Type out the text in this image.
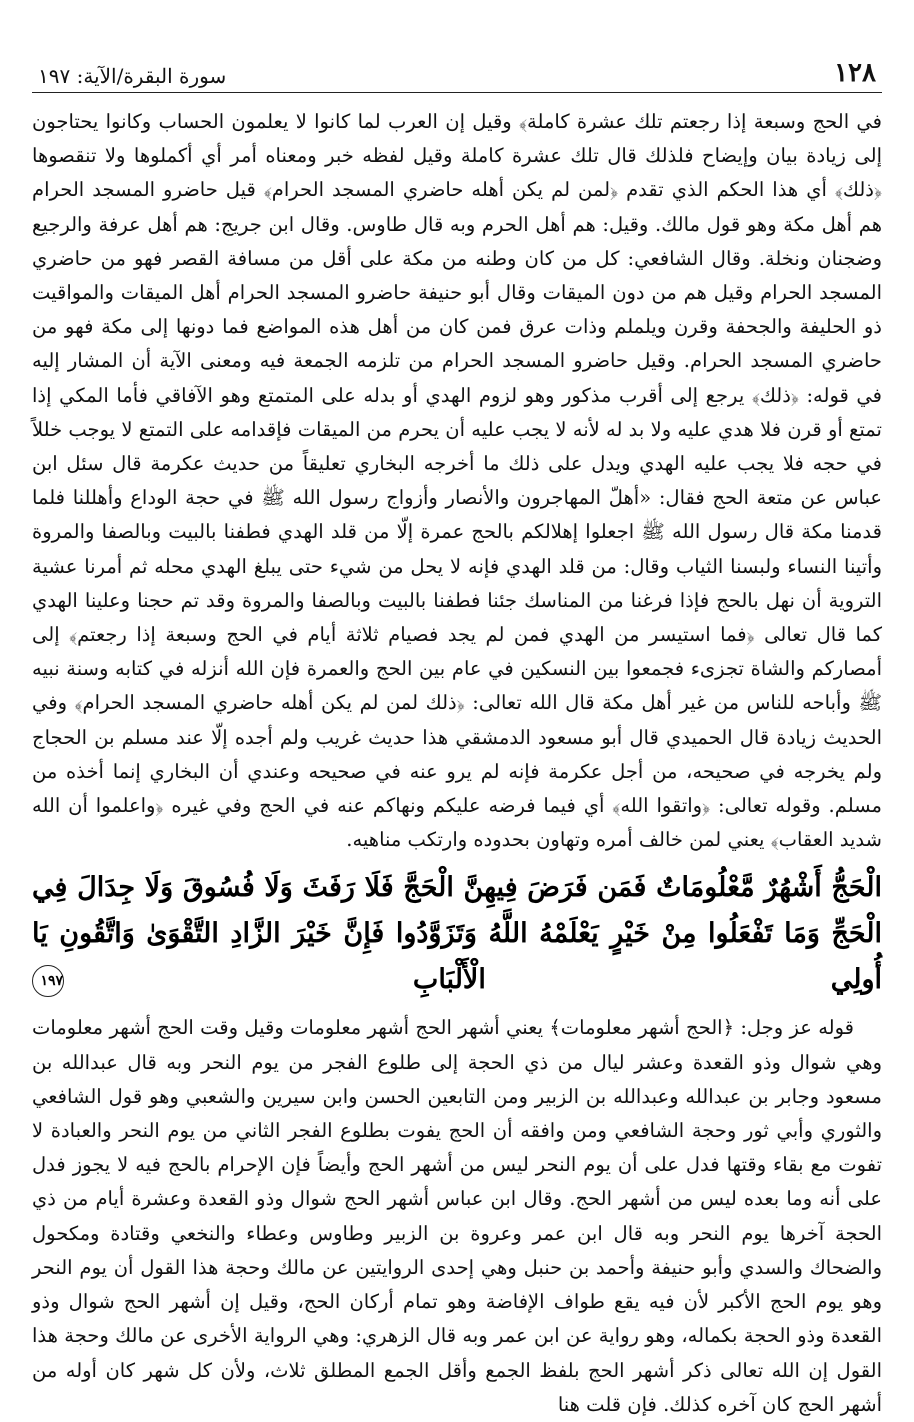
١٢٨
سورة البقرة/الآية: ١٩٧

في الحج وسبعة إذا رجعتم تلك عشرة كاملة﴾ وقيل إن العرب لما كانوا لا يعلمون الحساب وكانوا يحتاجون إلى زيادة بيان وإيضاح فلذلك قال تلك عشرة كاملة وقيل لفظه خبر ومعناه أمر أي أكملوها ولا تنقصوها ﴿ذلك﴾ أي هذا الحكم الذي تقدم ﴿لمن لم يكن أهله حاضري المسجد الحرام﴾ قيل حاضرو المسجد الحرام هم أهل مكة وهو قول مالك. وقيل: هم أهل الحرم وبه قال طاوس. وقال ابن جريج: هم أهل عرفة والرجيع وضجنان ونخلة. وقال الشافعي: كل من كان وطنه من مكة على أقل من مسافة القصر فهو من حاضري المسجد الحرام وقيل هم من دون الميقات وقال أبو حنيفة حاضرو المسجد الحرام أهل الميقات والمواقيت ذو الحليفة والجحفة وقرن ويلملم وذات عرق فمن كان من أهل هذه المواضع فما دونها إلى مكة فهو من حاضري المسجد الحرام. وقيل حاضرو المسجد الحرام من تلزمه الجمعة فيه ومعنى الآية أن المشار إليه في قوله: ﴿ذلك﴾ يرجع إلى أقرب مذكور وهو لزوم الهدي أو بدله على المتمتع وهو الآفاقي فأما المكي إذا تمتع أو قرن فلا هدي عليه ولا بد له لأنه لا يجب عليه أن يحرم من الميقات فإقدامه على التمتع لا يوجب خللاً في حجه فلا يجب عليه الهدي ويدل على ذلك ما أخرجه البخاري تعليقاً من حديث عكرمة قال سئل ابن عباس عن متعة الحج فقال: «أهلّ المهاجرون والأنصار وأزواج رسول الله ﷺ في حجة الوداع وأهللنا فلما قدمنا مكة قال رسول الله ﷺ اجعلوا إهلالكم بالحج عمرة إلّا من قلد الهدي فطفنا بالبيت وبالصفا والمروة وأتينا النساء ولبسنا الثياب وقال: من قلد الهدي فإنه لا يحل من شيء حتى يبلغ الهدي محله ثم أمرنا عشية التروية أن نهل بالحج فإذا فرغنا من المناسك جئنا فطفنا بالبيت وبالصفا والمروة وقد تم حجنا وعلينا الهدي كما قال تعالى ﴿فما استيسر من الهدي فمن لم يجد فصيام ثلاثة أيام في الحج وسبعة إذا رجعتم﴾ إلى أمصاركم والشاة تجزىء فجمعوا بين النسكين في عام بين الحج والعمرة فإن الله أنزله في كتابه وسنة نبيه ﷺ وأباحه للناس من غير أهل مكة قال الله تعالى: ﴿ذلك لمن لم يكن أهله حاضري المسجد الحرام﴾ وفي الحديث زيادة قال الحميدي قال أبو مسعود الدمشقي هذا حديث غريب ولم أجده إلّا عند مسلم بن الحجاج ولم يخرجه في صحيحه، من أجل عكرمة فإنه لم يرو عنه في صحيحه وعندي أن البخاري إنما أخذه من مسلم. وقوله تعالى: ﴿واتقوا الله﴾ أي فيما فرضه عليكم ونهاكم عنه في الحج وفي غيره ﴿واعلموا أن الله شديد العقاب﴾ يعني لمن خالف أمره وتهاون بحدوده وارتكب مناهيه.

الْحَجُّ أَشْهُرٌ مَّعْلُومَاتٌ فَمَن فَرَضَ فِيهِنَّ الْحَجَّ فَلَا رَفَثَ وَلَا فُسُوقَ وَلَا جِدَالَ فِي الْحَجِّ وَمَا تَفْعَلُوا مِنْ خَيْرٍ يَعْلَمْهُ اللَّهُ وَتَزَوَّدُوا فَإِنَّ خَيْرَ الزَّادِ التَّقْوَىٰ وَاتَّقُونِ يَا أُولِي الْأَلْبَابِ ١٩٧

قوله عز وجل: ﴿الحج أشهر معلومات﴾ يعني أشهر الحج أشهر معلومات وقيل وقت الحج أشهر معلومات وهي شوال وذو القعدة وعشر ليال من ذي الحجة إلى طلوع الفجر من يوم النحر وبه قال عبدالله بن مسعود وجابر بن عبدالله وعبدالله بن الزبير ومن التابعين الحسن وابن سيرين والشعبي وهو قول الشافعي والثوري وأبي ثور وحجة الشافعي ومن وافقه أن الحج يفوت بطلوع الفجر الثاني من يوم النحر والعبادة لا تفوت مع بقاء وقتها فدل على أن يوم النحر ليس من أشهر الحج وأيضاً فإن الإحرام بالحج فيه لا يجوز فدل على أنه وما بعده ليس من أشهر الحج. وقال ابن عباس أشهر الحج شوال وذو القعدة وعشرة أيام من ذي الحجة آخرها يوم النحر وبه قال ابن عمر وعروة بن الزبير وطاوس وعطاء والنخعي وقتادة ومكحول والضحاك والسدي وأبو حنيفة وأحمد بن حنبل وهي إحدى الروايتين عن مالك وحجة هذا القول أن يوم النحر وهو يوم الحج الأكبر لأن فيه يقع طواف الإفاضة وهو تمام أركان الحج، وقيل إن أشهر الحج شوال وذو القعدة وذو الحجة بكماله، وهو رواية عن ابن عمر وبه قال الزهري: وهي الرواية الأخرى عن مالك وحجة هذا القول إن الله تعالى ذكر أشهر الحج بلفظ الجمع وأقل الجمع المطلق ثلاث، ولأن كل شهر كان أوله من أشهر الحج كان آخره كذلك. فإن قلت هنا
